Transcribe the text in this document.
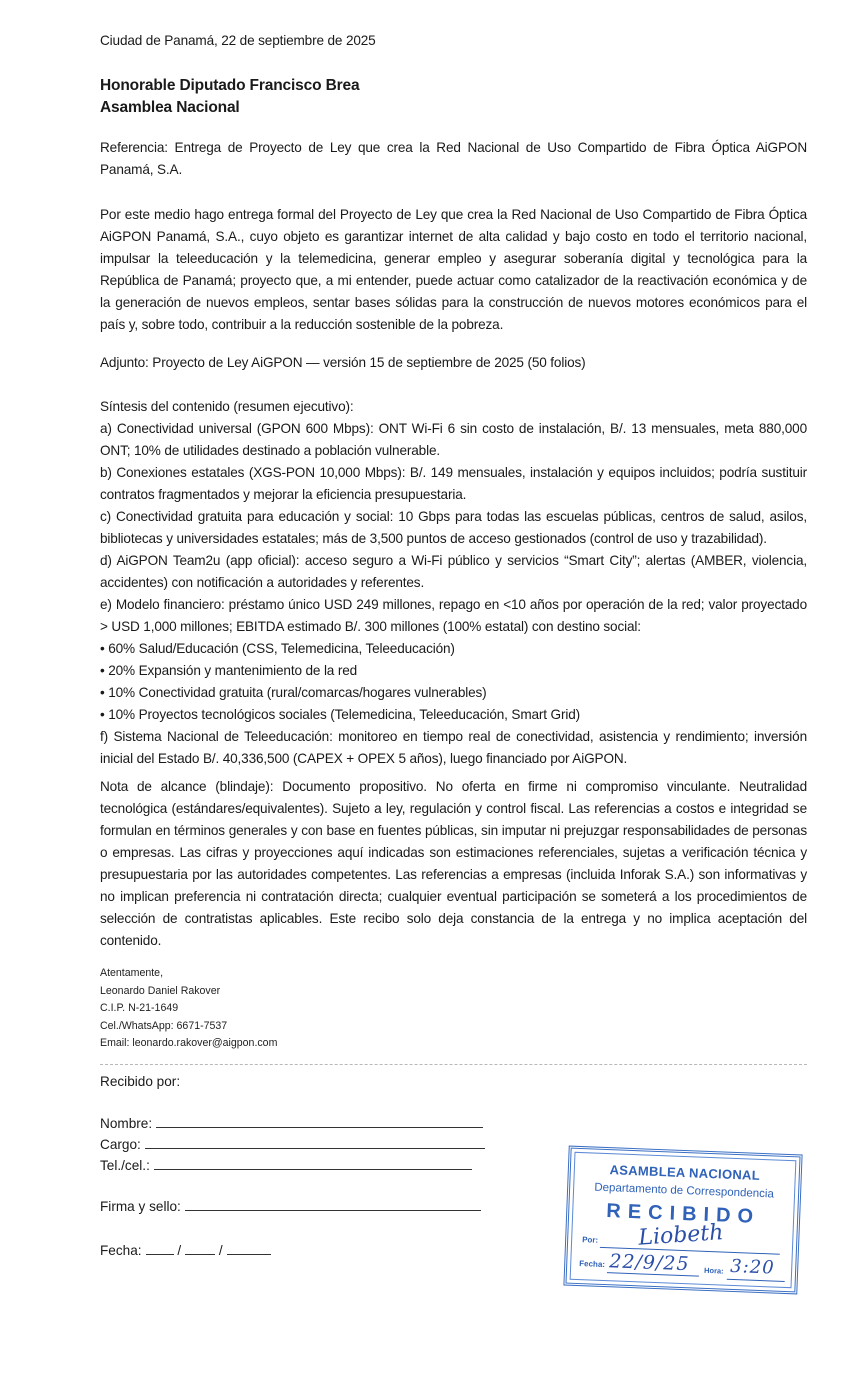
Ciudad de Panamá, 22 de septiembre de 2025
Honorable Diputado Francisco Brea
Asamblea Nacional
Referencia: Entrega de Proyecto de Ley que crea la Red Nacional de Uso Compartido de Fibra Óptica AiGPON Panamá, S.A.
Por este medio hago entrega formal del Proyecto de Ley que crea la Red Nacional de Uso Compartido de Fibra Óptica AiGPON Panamá, S.A., cuyo objeto es garantizar internet de alta calidad y bajo costo en todo el territorio nacional, impulsar la teleeducación y la telemedicina, generar empleo y asegurar soberanía digital y tecnológica para la República de Panamá; proyecto que, a mi entender, puede actuar como catalizador de la reactivación económica y de la generación de nuevos empleos, sentar bases sólidas para la construcción de nuevos motores económicos para el país y, sobre todo, contribuir a la reducción sostenible de la pobreza.
Adjunto: Proyecto de Ley AiGPON — versión 15 de septiembre de 2025 (50 folios)
Síntesis del contenido (resumen ejecutivo):
a) Conectividad universal (GPON 600 Mbps): ONT Wi-Fi 6 sin costo de instalación, B/. 13 mensuales, meta 880,000 ONT; 10% de utilidades destinado a población vulnerable.
b) Conexiones estatales (XGS-PON 10,000 Mbps): B/. 149 mensuales, instalación y equipos incluidos; podría sustituir contratos fragmentados y mejorar la eficiencia presupuestaria.
c) Conectividad gratuita para educación y social: 10 Gbps para todas las escuelas públicas, centros de salud, asilos, bibliotecas y universidades estatales; más de 3,500 puntos de acceso gestionados (control de uso y trazabilidad).
d) AiGPON Team2u (app oficial): acceso seguro a Wi-Fi público y servicios “Smart City”; alertas (AMBER, violencia, accidentes) con notificación a autoridades y referentes.
e) Modelo financiero: préstamo único USD 249 millones, repago en <10 años por operación de la red; valor proyectado > USD 1,000 millones; EBITDA estimado B/. 300 millones (100% estatal) con destino social:
• 60% Salud/Educación (CSS, Telemedicina, Teleeducación)
• 20% Expansión y mantenimiento de la red
• 10% Conectividad gratuita (rural/comarcas/hogares vulnerables)
• 10% Proyectos tecnológicos sociales (Telemedicina, Teleeducación, Smart Grid)
f) Sistema Nacional de Teleeducación: monitoreo en tiempo real de conectividad, asistencia y rendimiento; inversión inicial del Estado B/. 40,336,500 (CAPEX + OPEX 5 años), luego financiado por AiGPON.
Nota de alcance (blindaje): Documento propositivo. No oferta en firme ni compromiso vinculante. Neutralidad tecnológica (estándares/equivalentes). Sujeto a ley, regulación y control fiscal. Las referencias a costos e integridad se formulan en términos generales y con base en fuentes públicas, sin imputar ni prejuzgar responsabilidades de personas o empresas. Las cifras y proyecciones aquí indicadas son estimaciones referenciales, sujetas a verificación técnica y presupuestaria por las autoridades competentes. Las referencias a empresas (incluida Inforak S.A.) son informativas y no implican preferencia ni contratación directa; cualquier eventual participación se someterá a los procedimientos de selección de contratistas aplicables. Este recibo solo deja constancia de la entrega y no implica aceptación del contenido.
Atentamente,
Leonardo Daniel Rakover
C.I.P. N-21-1649
Cel./WhatsApp: 6671-7537
Email: leonardo.rakover@aigpon.com
Recibido por:
Nombre:
Cargo:
Tel./cel.:
Firma y sello:
Fecha:	/	/
ASAMBLEA NACIONAL
Departamento de Correspondencia
RECIBIDO
Liobeth
Por:
Fecha: 22/9/25 Hora: 3:20
